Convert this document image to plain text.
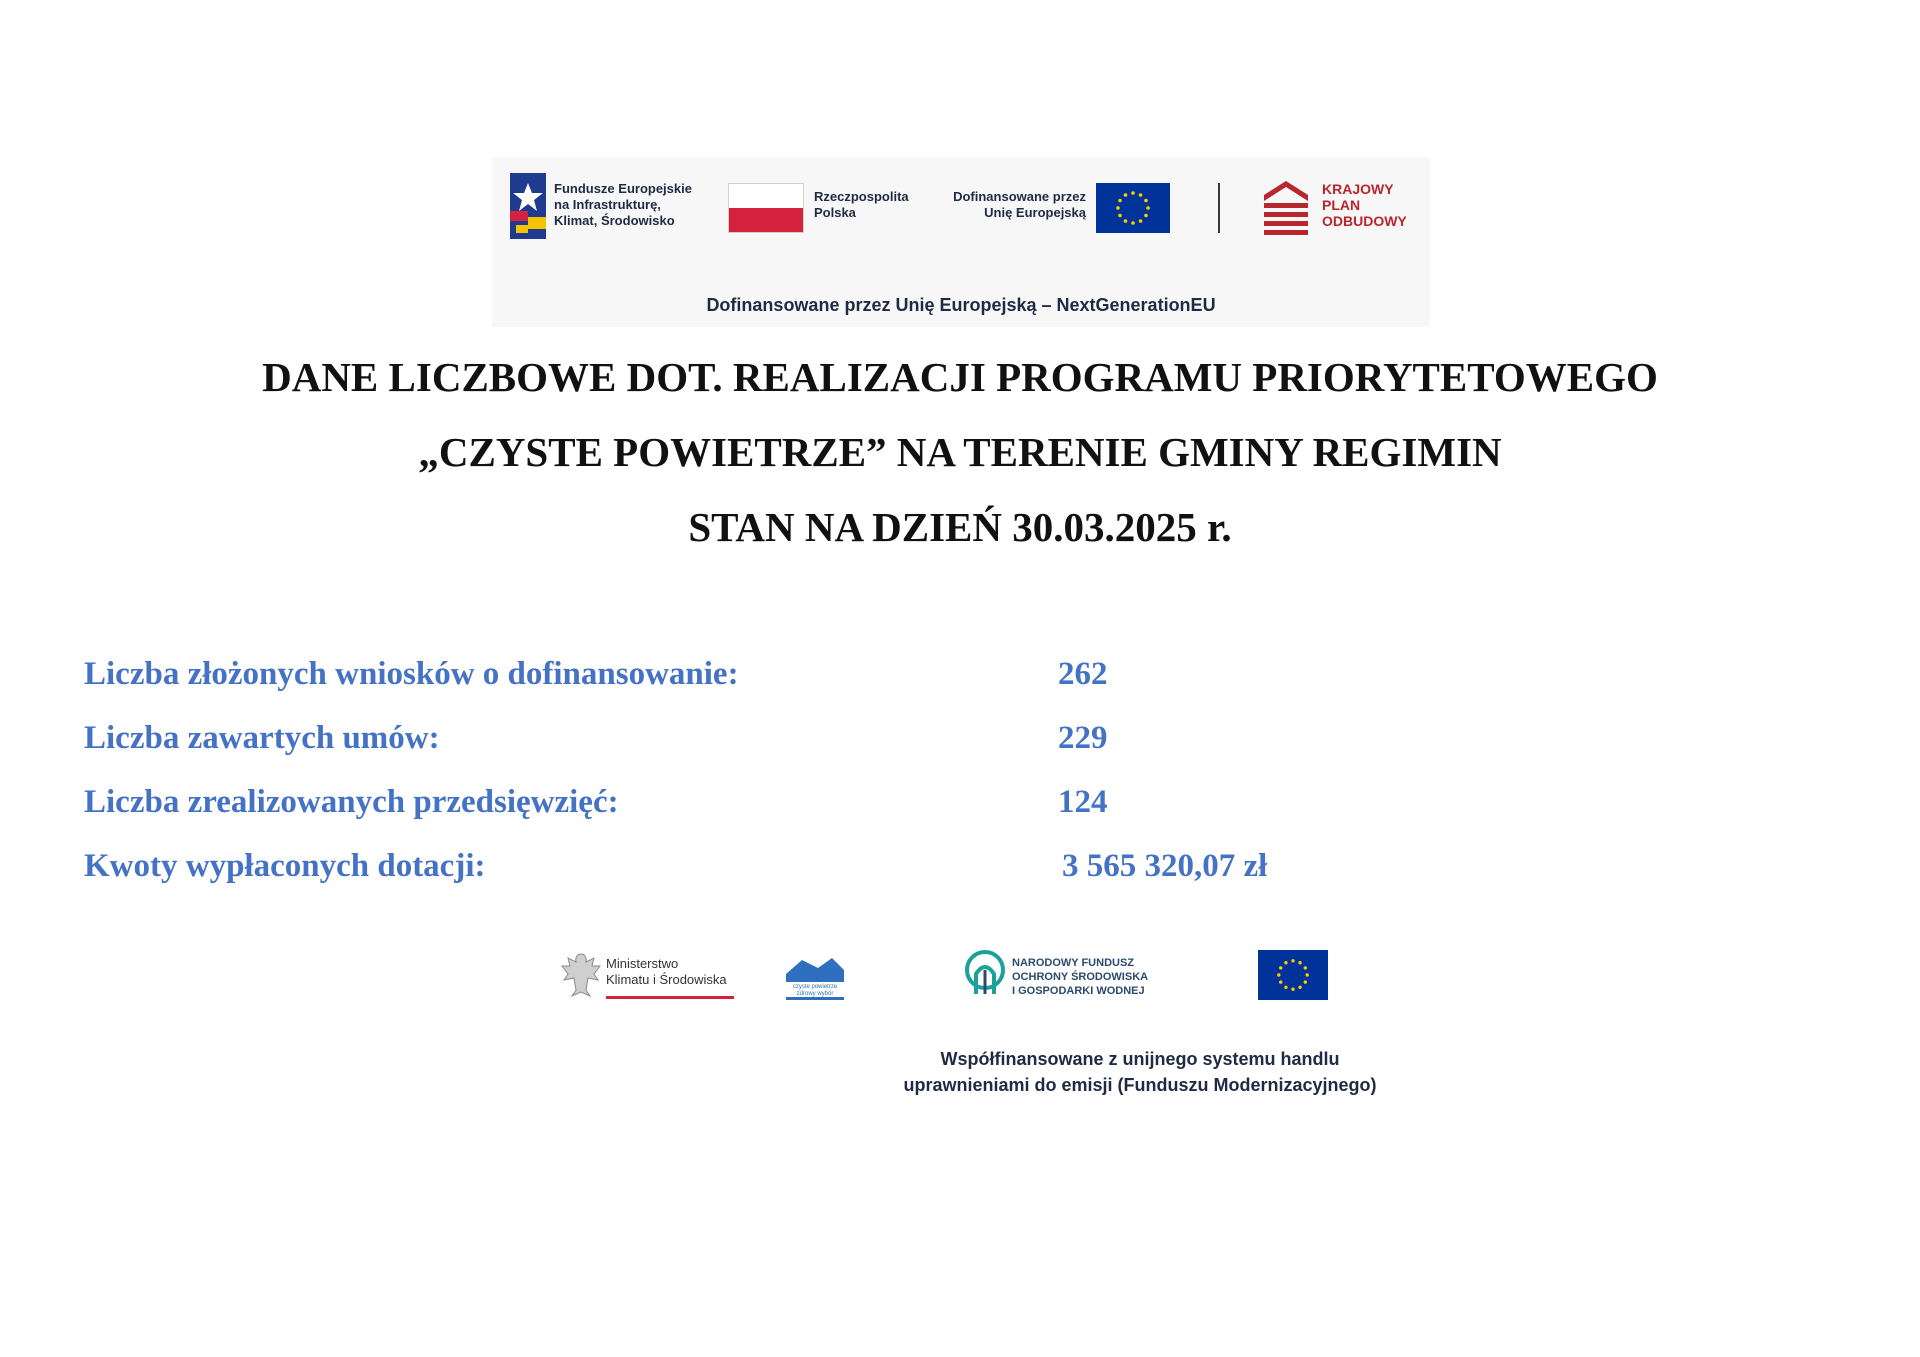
Fundusze Europejskie
na Infrastrukturę,
Klimat, Środowisko
Rzeczpospolita
Polska
Dofinansowane przez
Unię Europejską
KRAJOWY
PLAN
ODBUDOWY
Dofinansowane przez Unię Europejską – NextGenerationEU
DANE LICZBOWE DOT. REALIZACJI PROGRAMU PRIORYTETOWEGO
„CZYSTE POWIETRZE” NA TERENIE GMINY REGIMIN
STAN NA DZIEŃ 30.03.2025 r.
Liczba złożonych wniosków o dofinansowanie:	262
Liczba zawartych umów:	229
Liczba zrealizowanych przedsięwzięć:	124
Kwoty wypłaconych dotacji:	3 565 320,07 zł
Ministerstwo
Klimatu i Środowiska	czyste powietrze
zdrowy wybór
NARODOWY FUNDUSZ
OCHRONY ŚRODOWISKA
I GOSPODARKI WODNEJ
Współfinansowane z unijnego systemu handlu
uprawnieniami do emisji (Funduszu Modernizacyjnego)
